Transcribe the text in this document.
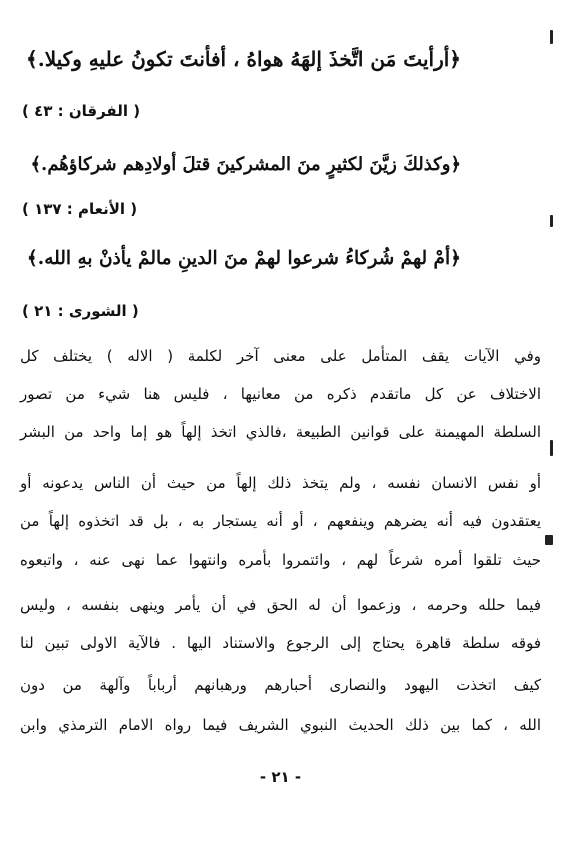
﴿أرأيتَ مَن اتَّخذَ إلهَهُ هواهُ ، أفأنتَ تكونُ عليهِ وكيلا.﴾
( الفرقان : ٤٣ )
﴿وكذلكَ زيَّنَ لكثيرٍ منَ المشركينَ قتلَ أولادِهم شركاؤهُم.﴾
( الأنعام : ١٣٧ )
﴿أمْ لهمْ شُركاءُ شرعوا لهمْ منَ الدينِ مالمْ يأذنْ بهِ الله.﴾
( الشورى : ٢١ )
وفي الآيات يقف المتأمل على معنى آخر لكلمة ( الاله ) يختلف كل
الاختلاف عن كل ماتقدم ذكره من معانيها ، فليس هنا شيء من تصور
السلطة المهيمنة على قوانين الطبيعة ،فالذي اتخذ إلهاً هو إما واحد من البشر
أو نفس الانسان نفسه ، ولم يتخذ ذلك إلهاً من حيث أن الناس يدعونه أو
يعتقدون فيه أنه يضرهم وينفعهم ، أو أنه يستجار به ، بل قد اتخذوه إلهاً من
حيث تلقوا أمره شرعاً لهم ، وائتمروا بأمره وانتهوا عما نهى عنه ، واتبعوه
فيما حلله وحرمه ، وزعموا أن له الحق في أن يأمر وينهى بنفسه ، وليس
فوقه سلطة قاهرة يحتاج إلى الرجوع والاستناد اليها . فالآية الاولى تبين لنا
كيف اتخذت اليهود والنصارى أحبارهم ورهبانهم أرباباً وآلهة من دون
الله ، كما بين ذلك الحديث النبوي الشريف فيما رواه الامام الترمذي وابن
- ٢١ -
